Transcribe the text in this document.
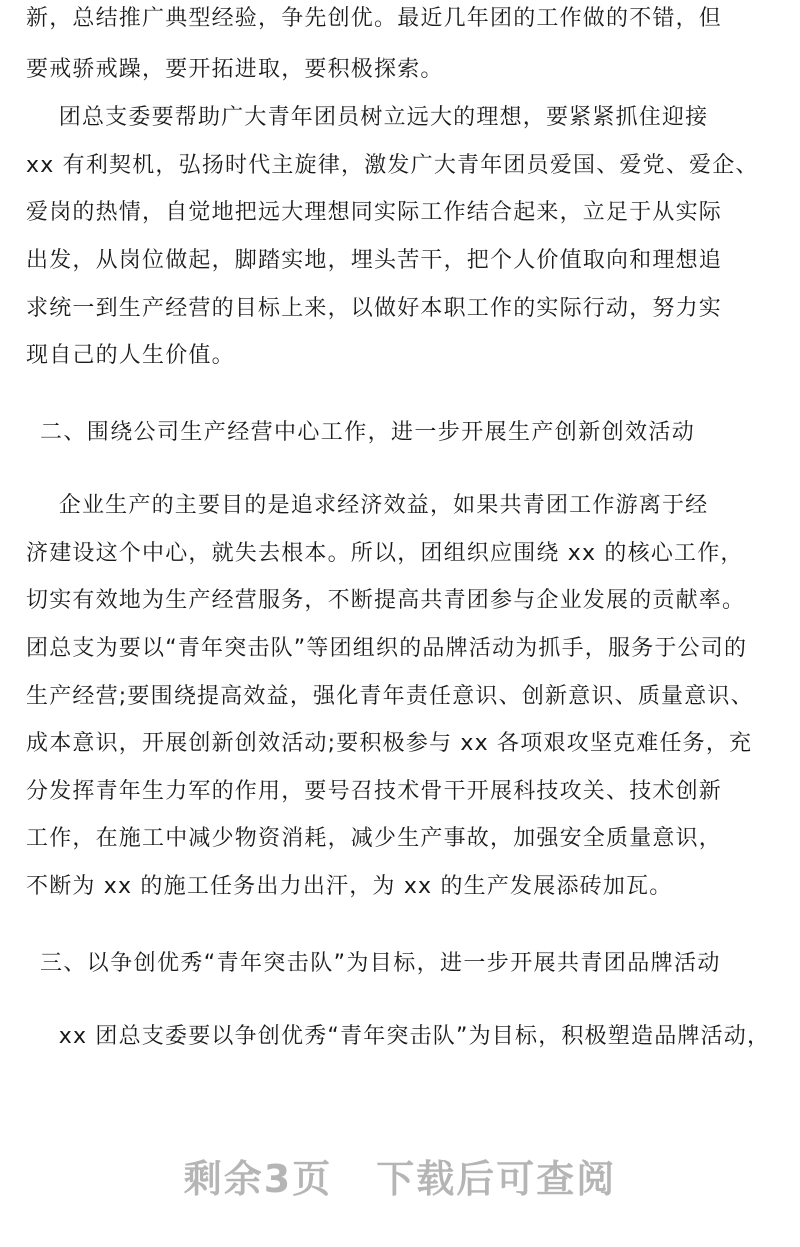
新，总结推广典型经验，争先创优。最近几年团的工作做的不错，但
要戒骄戒躁，要开拓进取，要积极探索。
团总支委要帮助广大青年团员树立远大的理想，要紧紧抓住迎接
xx 有利契机，弘扬时代主旋律，激发广大青年团员爱国、爱党、爱企、
爱岗的热情，自觉地把远大理想同实际工作结合起来，立足于从实际
出发，从岗位做起，脚踏实地，埋头苦干，把个人价值取向和理想追
求统一到生产经营的目标上来，以做好本职工作的实际行动，努力实
现自己的人生价值。
二、围绕公司生产经营中心工作，进一步开展生产创新创效活动
企业生产的主要目的是追求经济效益，如果共青团工作游离于经
济建设这个中心，就失去根本。所以，团组织应围绕 xx 的核心工作，
切实有效地为生产经营服务，不断提高共青团参与企业发展的贡献率。
团总支为要以“青年突击队”等团组织的品牌活动为抓手，服务于公司的
生产经营;要围绕提高效益，强化青年责任意识、创新意识、质量意识、
成本意识，开展创新创效活动;要积极参与 xx 各项艰攻坚克难任务，充
分发挥青年生力军的作用，要号召技术骨干开展科技攻关、技术创新
工作，在施工中减少物资消耗，减少生产事故，加强安全质量意识，
不断为 xx 的施工任务出力出汗，为 xx 的生产发展添砖加瓦。
三、以争创优秀“青年突击队”为目标，进一步开展共青团品牌活动
xx 团总支委要以争创优秀“青年突击队”为目标，积极塑造品牌活动，
剩余3页 下载后可查阅
